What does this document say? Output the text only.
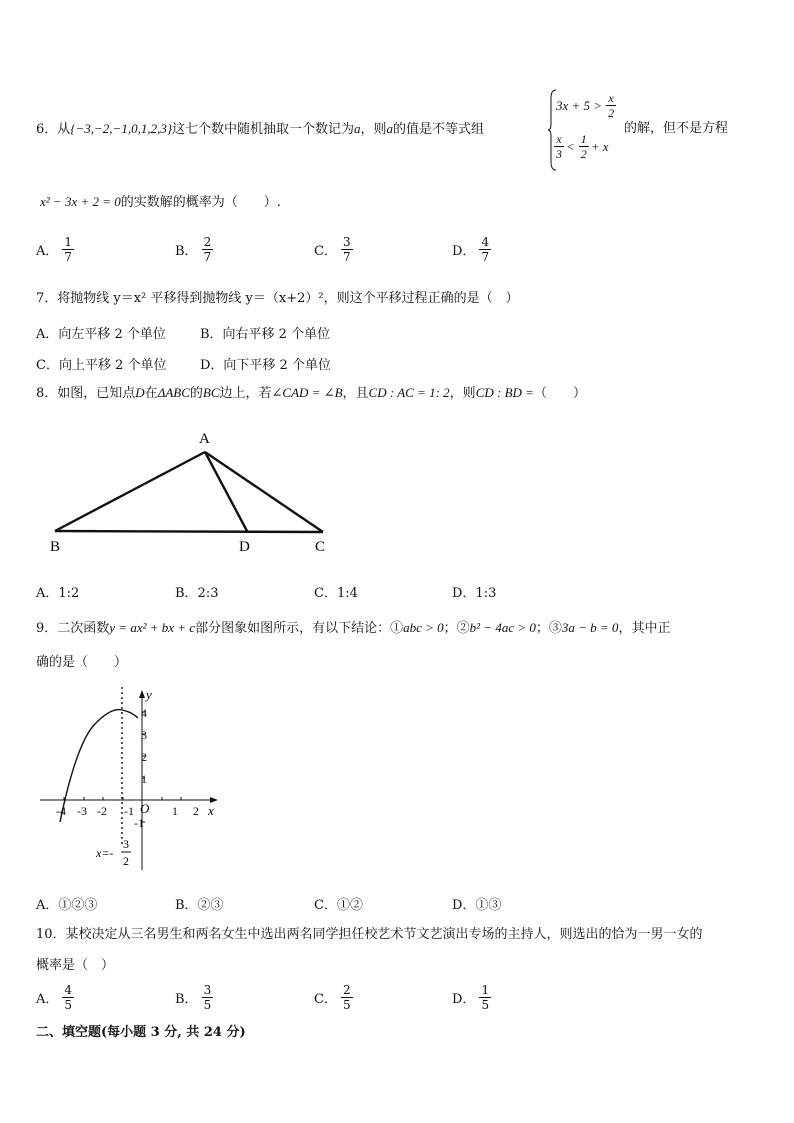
6．从{−3,−2,−1,0,1,2,3}这七个数中随机抽取一个数记为a，则a的值是不等式组
$3x + 5 > \frac{x}{2}$
$\frac{x}{3} < \frac{1}{2} + x$
的解，但不是方程
x² − 3x + 2 = 0的实数解的概率为（　　）.
A． $\frac{1}{7}$	B． $\frac{2}{7}$	C． $\frac{3}{7}$	D． $\frac{4}{7}$
7．将抛物线 y＝x² 平移得到抛物线 y＝（x+2）²，则这个平移过程正确的是（　）
A．向左平移 2 个单位	B．向右平移 2 个单位
C．向上平移 2 个单位	D．向下平移 2 个单位
8．如图，已知点D在ΔABC的BC边上，若∠CAD = ∠B，且CD : AC = 1: 2，则CD : BD =（　　）
A
B	D	C
A．1:2	B．2:3	C．1:4	D．1:3
9．二次函数y = ax² + bx + c部分图象如图所示，有以下结论：①abc > 0；②b² − 4ac > 0；③3a − b = 0，其中正
确的是（　　）
-4 -3 -2 -1	1 2
4
3
2
1
-1
O	x
y
x=-
3
2
A．①②③	B．②③	C．①②	D．①③
10．某校决定从三名男生和两名女生中选出两名同学担任校艺术节文艺演出专场的主持人，则选出的恰为一男一女的
概率是（　）
A． $\frac{4}{5}$	B． $\frac{3}{5}$	C． $\frac{2}{5}$	D． $\frac{1}{5}$
二、填空题(每小题 3 分, 共 24 分)
